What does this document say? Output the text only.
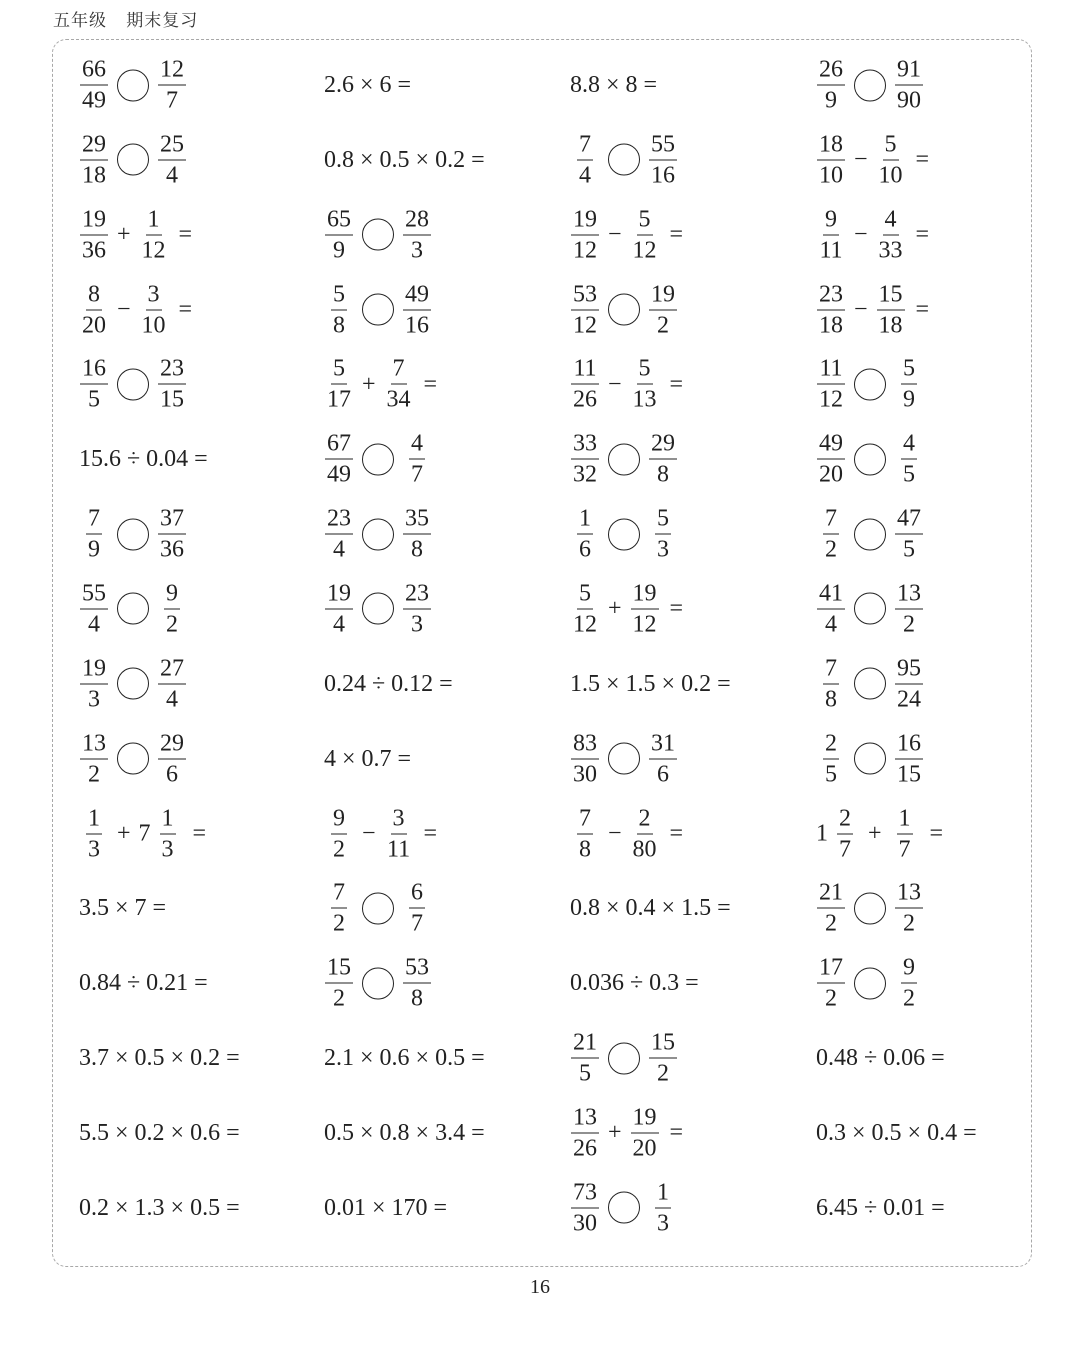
五年级 期末复习
$\frac{66}{49} \frac{12}{7}$	2.6 × 6 =	8.8 × 8 =	$\frac{26}{9} \frac{91}{90}$
$\frac{29}{18} \frac{25}{4}$	0.8 × 0.5 × 0.2 =	$\frac{7}{4} \frac{55}{16}$	$\frac{18}{10} - \frac{5}{10}$ =
$\frac{19}{36} + \frac{1}{12}$ =	$\frac{65}{9} \frac{28}{3}$	$\frac{19}{12} - \frac{5}{12}$ =	$\frac{9}{11} - \frac{4}{33}$ =
$\frac{8}{20} - \frac{3}{10}$ =	$\frac{5}{8} \frac{49}{16}$	$\frac{53}{12} \frac{19}{2}$	$\frac{23}{18} - \frac{15}{18}$ =
$\frac{16}{5} \frac{23}{15}$	$\frac{5}{17} + \frac{7}{34}$ =	$\frac{11}{26} - \frac{5}{13}$ =	$\frac{11}{12} \frac{5}{9}$
15.6 ÷ 0.04 =	$\frac{67}{49} \frac{4}{7}$	$\frac{33}{32} \frac{29}{8}$	$\frac{49}{20} \frac{4}{5}$
$\frac{7}{9} \frac{37}{36}$	$\frac{23}{4} \frac{35}{8}$	$\frac{1}{6} \frac{5}{3}$	$\frac{7}{2} \frac{47}{5}$
$\frac{55}{4} \frac{9}{2}$	$\frac{19}{4} \frac{23}{3}$	$\frac{5}{12} + \frac{19}{12}$ =	$\frac{41}{4} \frac{13}{2}$
$\frac{19}{3} \frac{27}{4}$	0.24 ÷ 0.12 =	1.5 × 1.5 × 0.2 =	$\frac{7}{8} \frac{95}{24}$
$\frac{13}{2} \frac{29}{6}$	4 × 0.7 =	$\frac{83}{30} \frac{31}{6}$	$\frac{2}{5} \frac{16}{15}$
$\frac{1}{3} + 7 \frac{1}{3}$ =	$\frac{9}{2} - \frac{3}{11}$ =	$\frac{7}{8} - \frac{2}{80}$ =	$1 \frac{2}{7} + \frac{1}{7}$ =
3.5 × 7 =	$\frac{7}{2} \frac{6}{7}$	0.8 × 0.4 × 1.5 =	$\frac{21}{2} \frac{13}{2}$
0.84 ÷ 0.21 =	$\frac{15}{2} \frac{53}{8}$	0.036 ÷ 0.3 =	$\frac{17}{2} \frac{9}{2}$
3.7 × 0.5 × 0.2 =	2.1 × 0.6 × 0.5 =	$\frac{21}{5} \frac{15}{2}$	0.48 ÷ 0.06 =
5.5 × 0.2 × 0.6 =	0.5 × 0.8 × 3.4 =	$\frac{13}{26} + \frac{19}{20}$ =	0.3 × 0.5 × 0.4 =
0.2 × 1.3 × 0.5 =	0.01 × 170 =	$\frac{73}{30} \frac{1}{3}$	6.45 ÷ 0.01 =
16
